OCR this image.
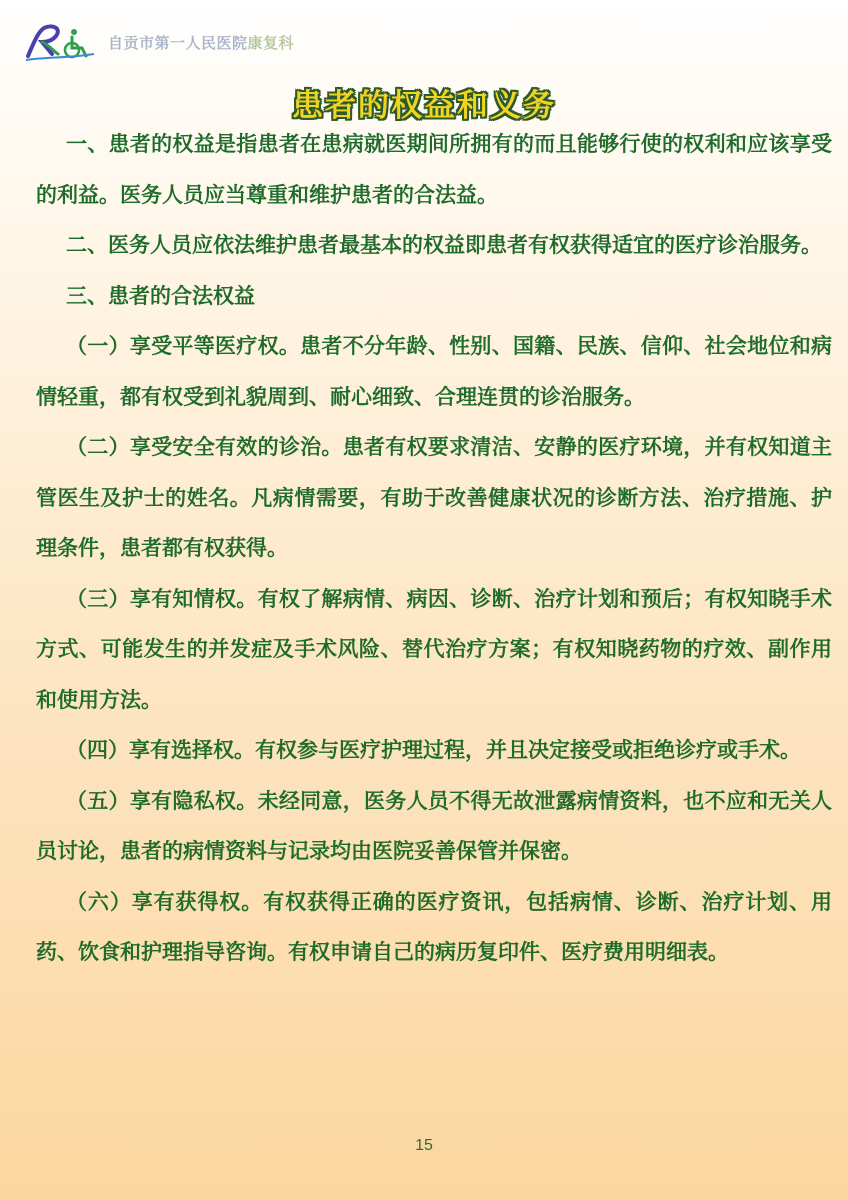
自贡市第一人民医院康复科
患者的权益和义务

一、患者的权益是指患者在患病就医期间所拥有的而且能够行使的权利和应该享受的利益。医务人员应当尊重和维护患者的合法益。

二、医务人员应依法维护患者最基本的权益即患者有权获得适宜的医疗诊治服务。

三、患者的合法权益

（一）享受平等医疗权。患者不分年龄、性别、国籍、民族、信仰、社会地位和病情轻重，都有权受到礼貌周到、耐心细致、合理连贯的诊治服务。

（二）享受安全有效的诊治。患者有权要求清洁、安静的医疗环境，并有权知道主管医生及护士的姓名。凡病情需要，有助于改善健康状况的诊断方法、治疗措施、护理条件，患者都有权获得。

（三）享有知情权。有权了解病情、病因、诊断、治疗计划和预后；有权知晓手术方式、可能发生的并发症及手术风险、替代治疗方案；有权知晓药物的疗效、副作用和使用方法。

（四）享有选择权。有权参与医疗护理过程，并且决定接受或拒绝诊疗或手术。

（五）享有隐私权。未经同意，医务人员不得无故泄露病情资料，也不应和无关人员讨论，患者的病情资料与记录均由医院妥善保管并保密。

（六）享有获得权。有权获得正确的医疗资讯，包括病情、诊断、治疗计划、用药、饮食和护理指导咨询。有权申请自己的病历复印件、医疗费用明细表。

15
